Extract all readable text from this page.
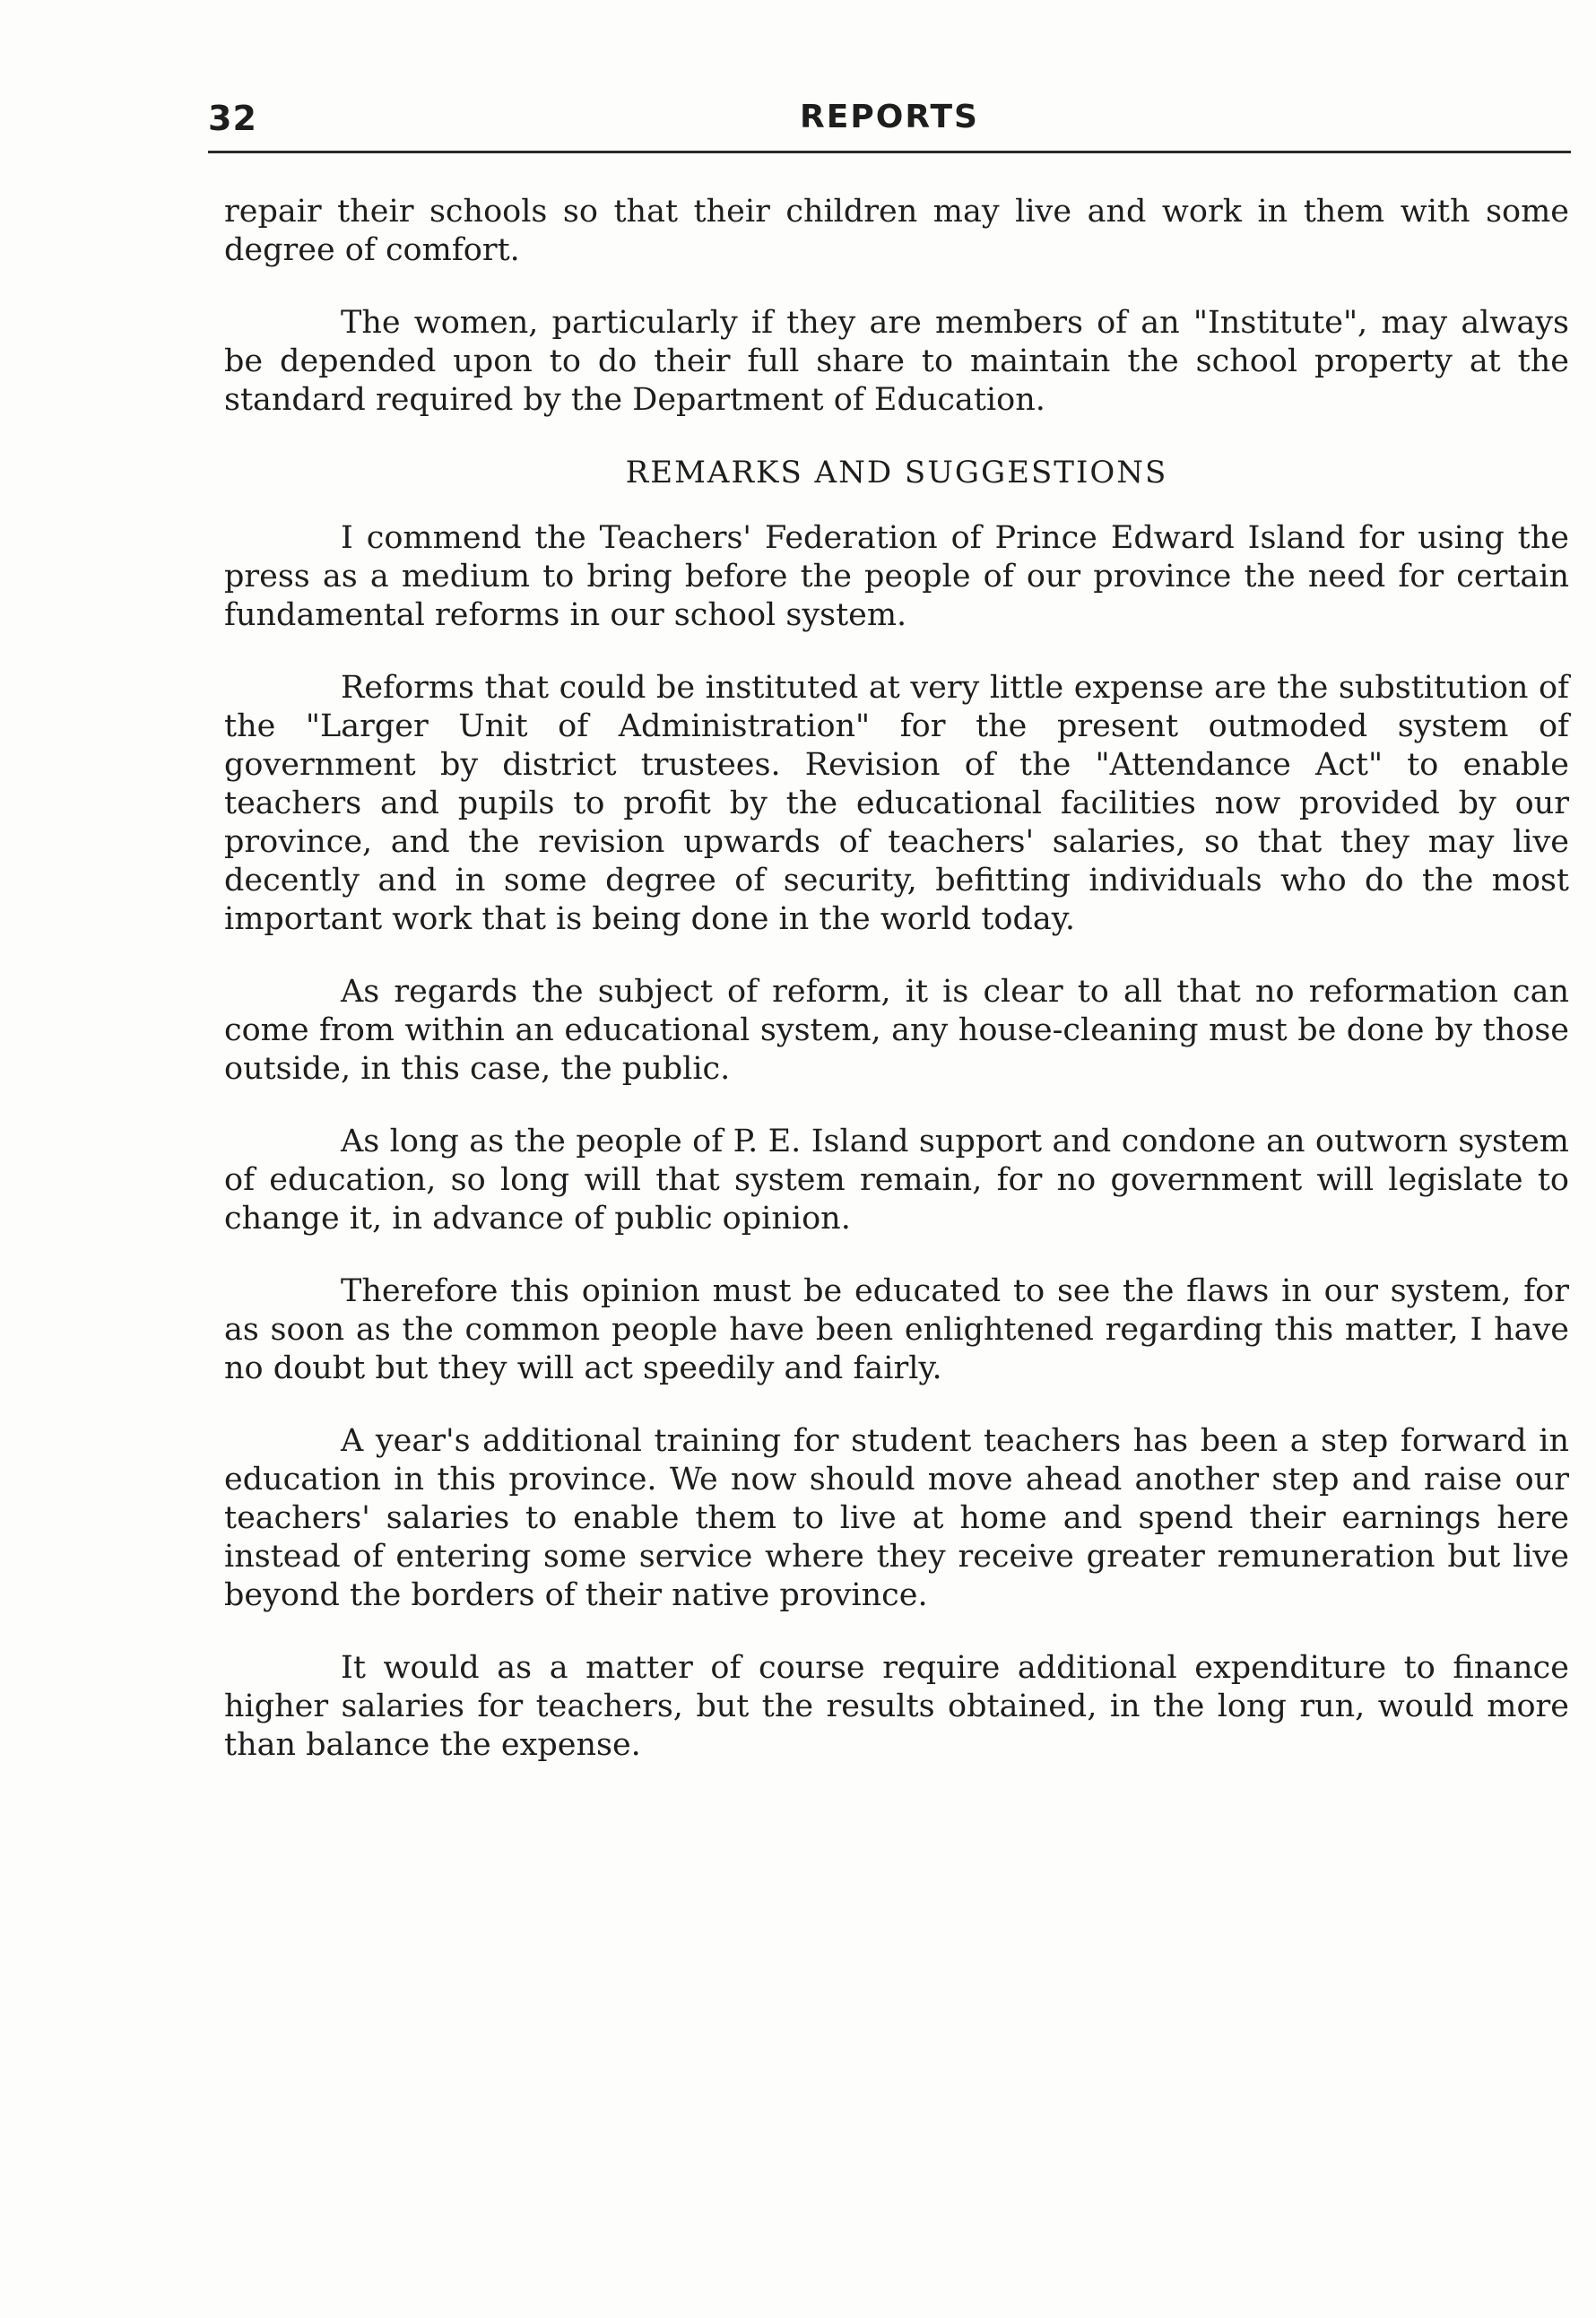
32	REPORTS

repair their schools so that their children may live and work in them with some degree of comfort.

The women, particularly if they are members of an "Institute", may always be depended upon to do their full share to maintain the school property at the standard required by the Department of Education.

REMARKS AND SUGGESTIONS

I commend the Teachers' Federation of Prince Edward Island for using the press as a medium to bring before the people of our province the need for certain fundamental reforms in our school system.

Reforms that could be instituted at very little expense are the substitution of the "Larger Unit of Administration" for the present outmoded system of government by district trustees. Revision of the "Attendance Act" to enable teachers and pupils to profit by the educational facilities now provided by our province, and the revision upwards of teachers' salaries, so that they may live decently and in some degree of security, befitting individuals who do the most important work that is being done in the world today.

As regards the subject of reform, it is clear to all that no reformation can come from within an educational system, any house-cleaning must be done by those outside, in this case, the public.

As long as the people of P. E. Island support and condone an outworn system of education, so long will that system remain, for no government will legislate to change it, in advance of public opinion.

Therefore this opinion must be educated to see the flaws in our system, for as soon as the common people have been enlightened regarding this matter, I have no doubt but they will act speedily and fairly.

A year's additional training for student teachers has been a step forward in education in this province. We now should move ahead another step and raise our teachers' salaries to enable them to live at home and spend their earnings here instead of entering some service where they receive greater remuneration but live beyond the borders of their native province.

It would as a matter of course require additional expenditure to finance higher salaries for teachers, but the results obtained, in the long run, would more than balance the expense.
